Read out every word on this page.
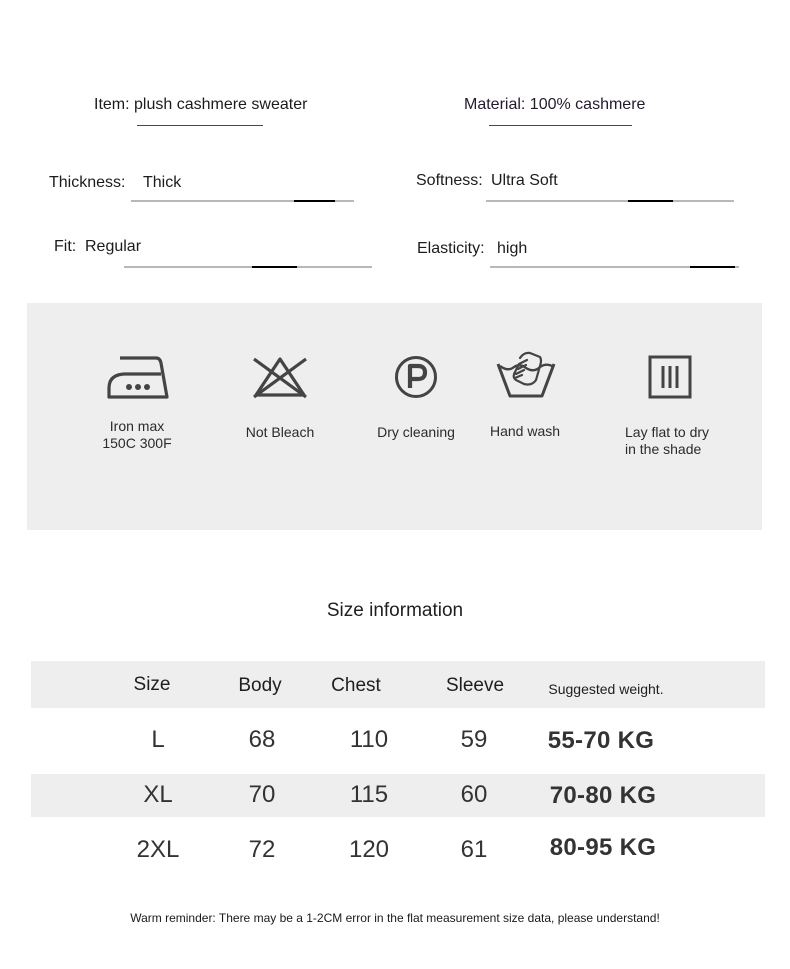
Item: plush cashmere sweater	Material: 100% cashmere
Thickness: Thick	Softness: Ultra Soft
Fit: Regular	Elasticity: high
Iron max
150C 300F
Not Bleach	Dry cleaning	Hand wash	Lay flat to dry
in the shade
Size information
Size	Body	Chest	Sleeve	Suggested weight.
L	68	110	59	55-70 KG
XL	70	115	60	70-80 KG
2XL	72	120	61	80-95 KG
Warm reminder: There may be a 1-2CM error in the flat measurement size data, please understand!
